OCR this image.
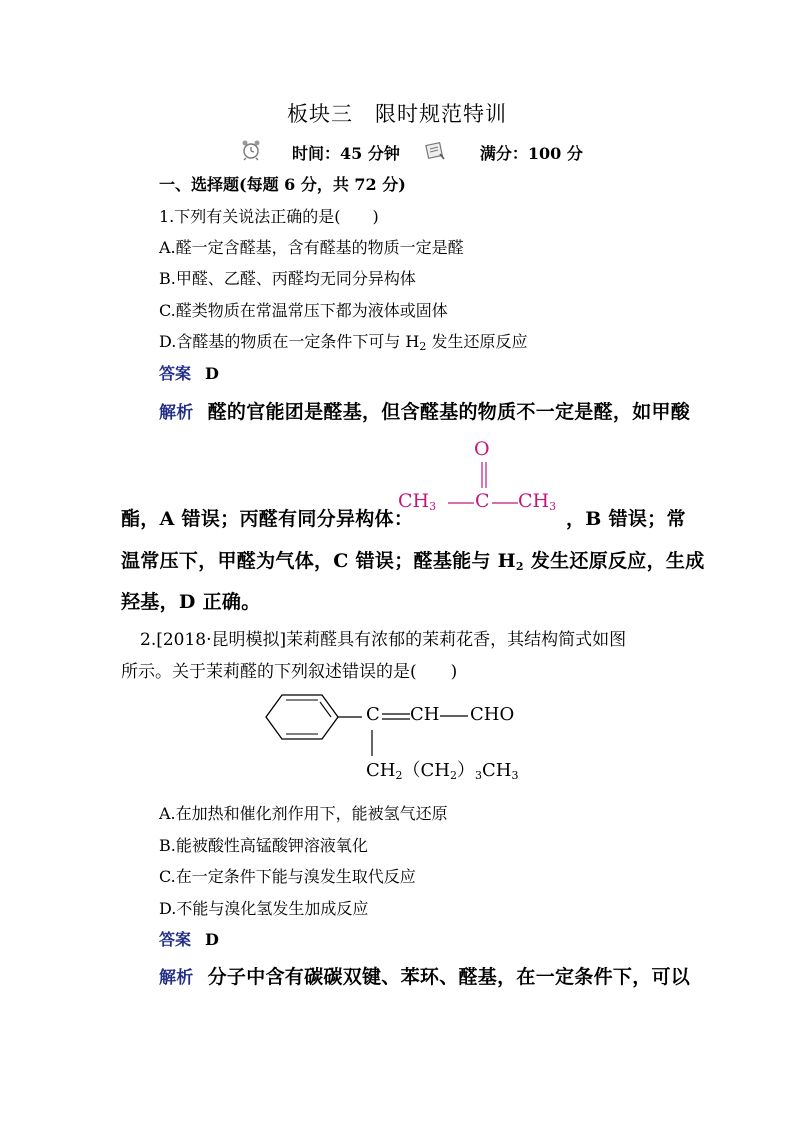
板块三　限时规范特训
时间：45 分钟	满分：100 分
一、选择题(每题 6 分，共 72 分)
1.下列有关说法正确的是(　　)
A.醛一定含醛基，含有醛基的物质一定是醛
B.甲醛、乙醛、丙醛均无同分异构体
C.醛类物质在常温常压下都为液体或固体
D.含醛基的物质在一定条件下可与 $H_2$ 发生还原反应
答案 D
解析 醛的官能团是醛基，但含醛基的物质不一定是醛，如甲酸
O
$CH_3$ C $CH_3$
酯，A 错误；丙醛有同分异构体：	，B 错误；常
温常压下，甲醛为气体，C 错误；醛基能与 $H_2$ 发生还原反应，生成
羟基，D 正确。
2.[2018·昆明模拟]茉莉醛具有浓郁的茉莉花香，其结构简式如图
所示。关于茉莉醛的下列叙述错误的是(　　)
C CH CHO
$CH_2(CH_2)_3CH_3$
A.在加热和催化剂作用下，能被氢气还原
B.能被酸性高锰酸钾溶液氧化
C.在一定条件下能与溴发生取代反应
D.不能与溴化氢发生加成反应
答案 D
解析 分子中含有碳碳双键、苯环、醛基，在一定条件下，可以
